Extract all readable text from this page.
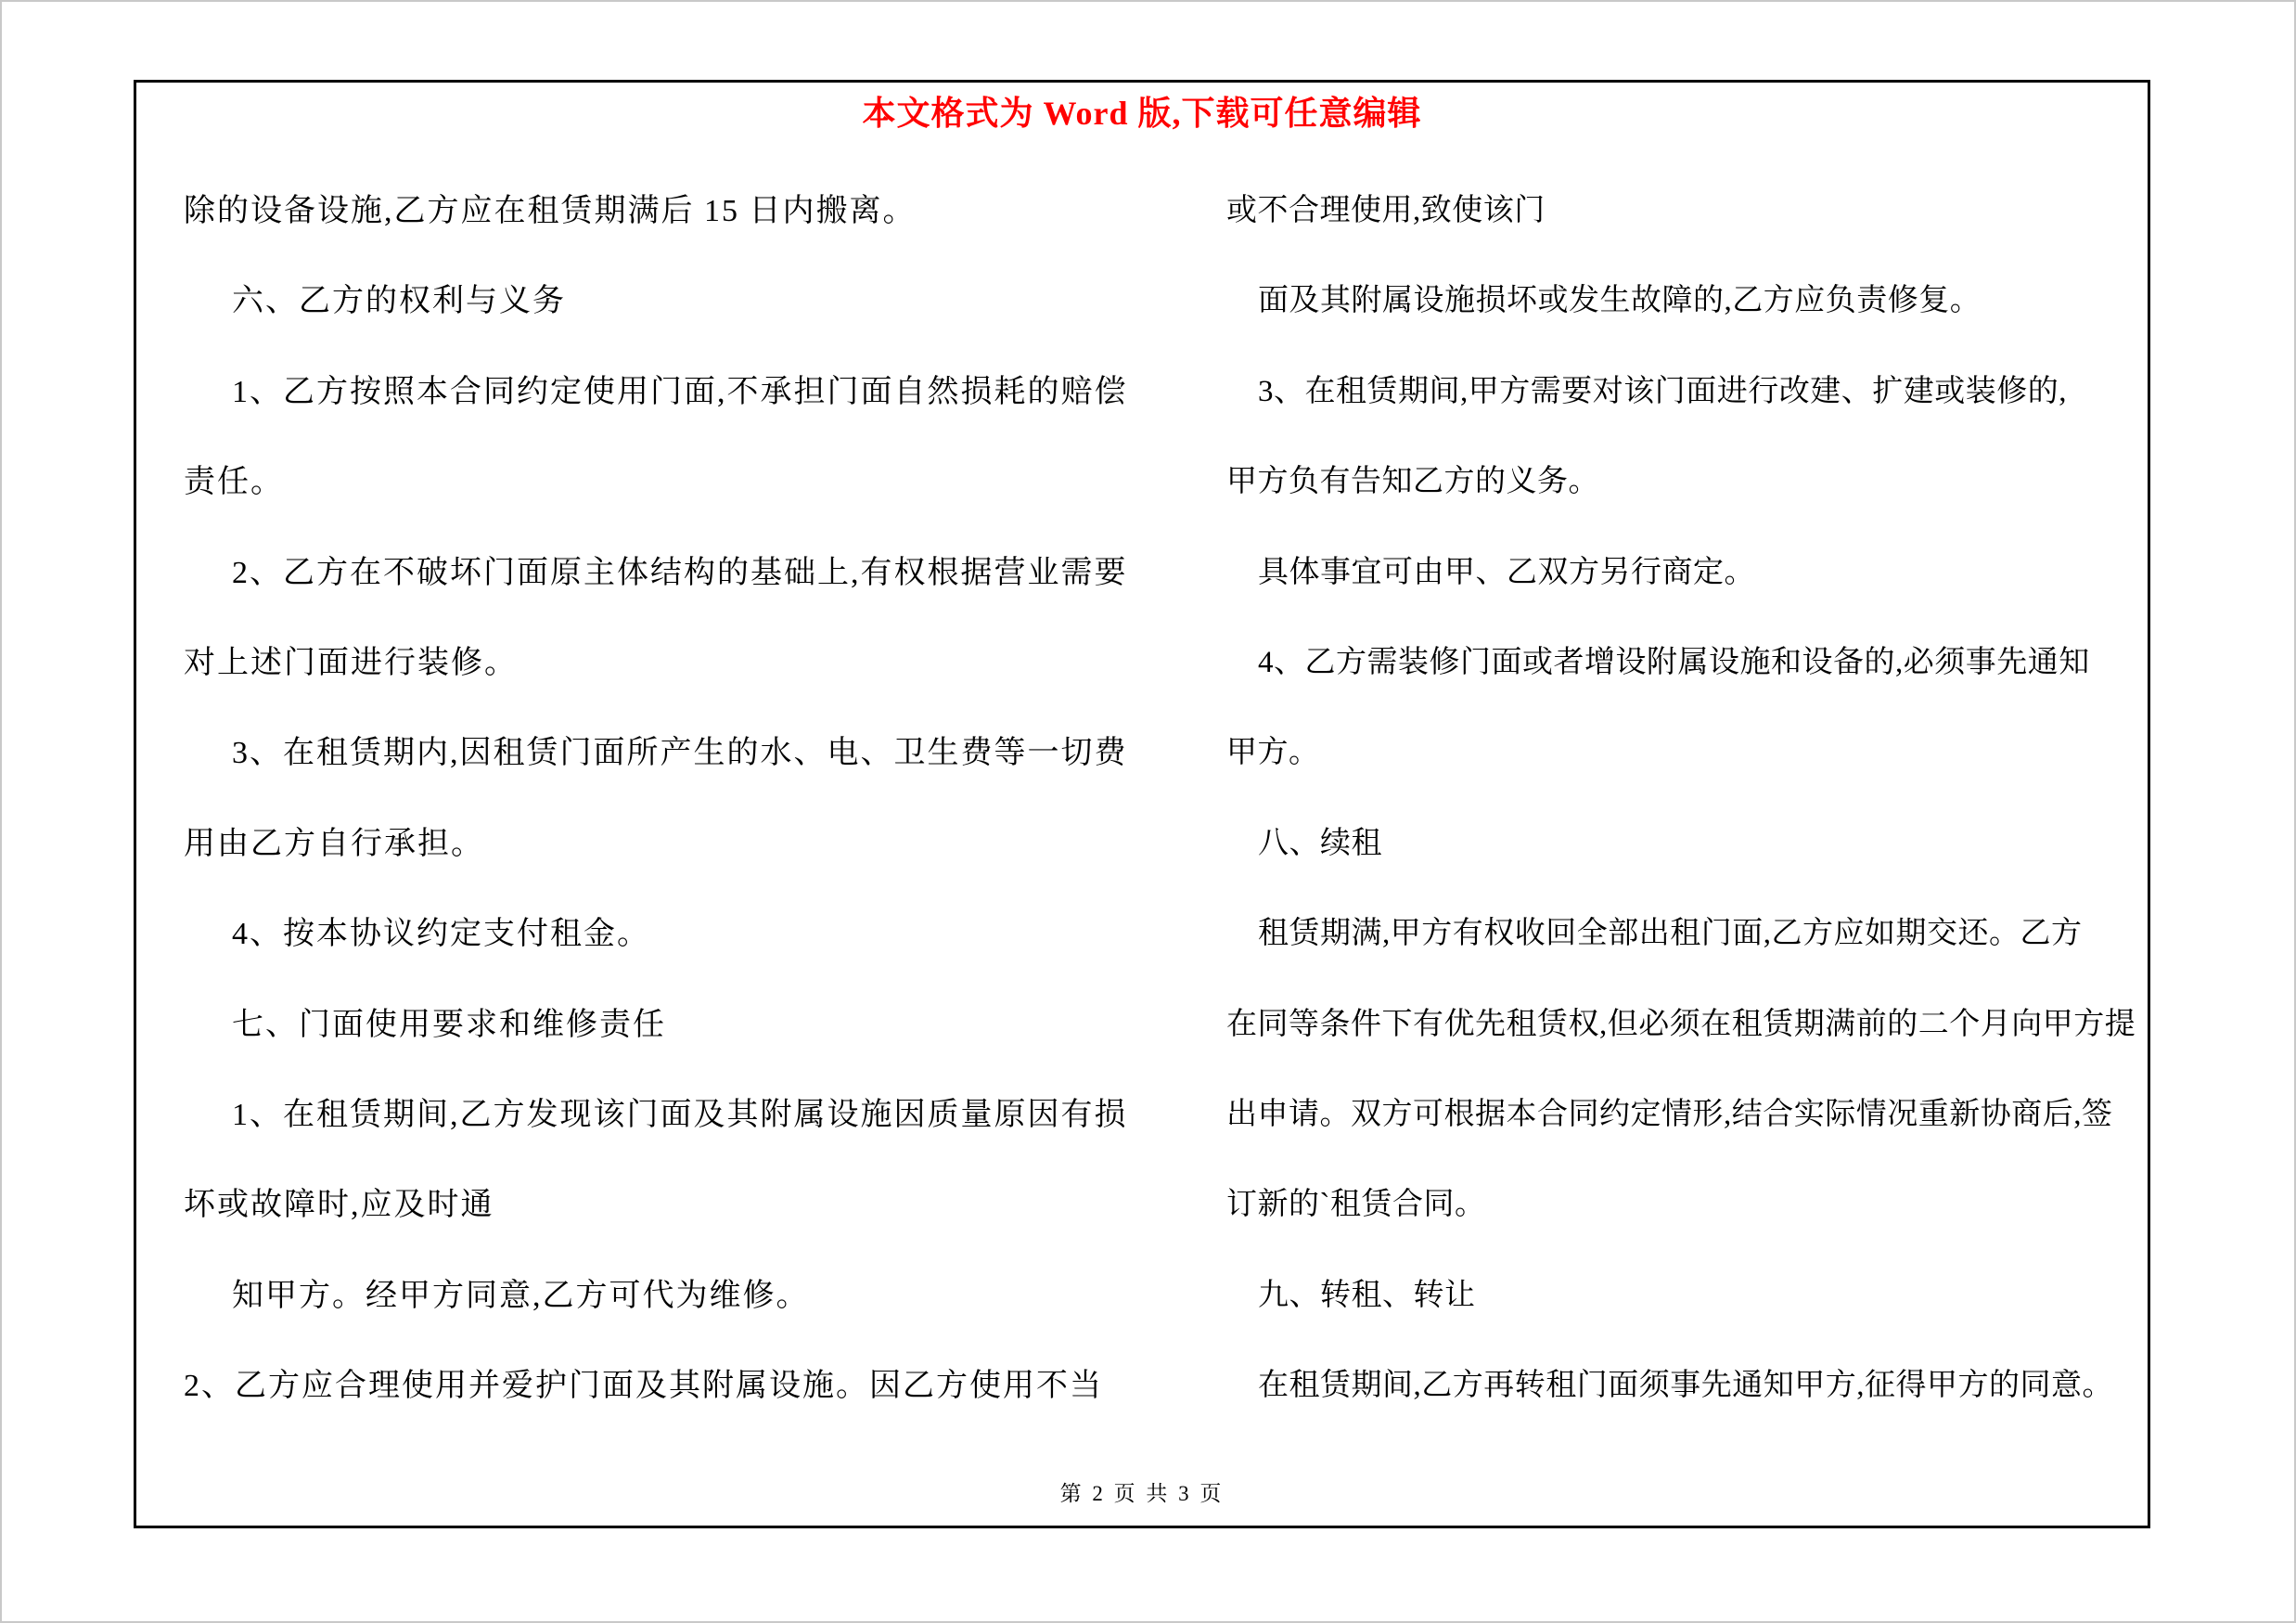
本文格式为 Word 版,下载可任意编辑
除的设备设施,乙方应在租赁期满后 15 日内搬离。
六、乙方的权利与义务
1、乙方按照本合同约定使用门面,不承担门面自然损耗的赔偿
责任。
2、乙方在不破坏门面原主体结构的基础上,有权根据营业需要
对上述门面进行装修。
3、在租赁期内,因租赁门面所产生的水、电、卫生费等一切费
用由乙方自行承担。
4、按本协议约定支付租金。
七、门面使用要求和维修责任
1、在租赁期间,乙方发现该门面及其附属设施因质量原因有损
坏或故障时,应及时通
知甲方。经甲方同意,乙方可代为维修。
2、乙方应合理使用并爱护门面及其附属设施。因乙方使用不当
或不合理使用,致使该门
面及其附属设施损坏或发生故障的,乙方应负责修复。
3、在租赁期间,甲方需要对该门面进行改建、扩建或装修的,
甲方负有告知乙方的义务。
具体事宜可由甲、乙双方另行商定。
4、乙方需装修门面或者增设附属设施和设备的,必须事先通知
甲方。
八、续租
租赁期满,甲方有权收回全部出租门面,乙方应如期交还。乙方
在同等条件下有优先租赁权,但必须在租赁期满前的二个月向甲方提
出申请。双方可根据本合同约定情形,结合实际情况重新协商后,签
订新的`租赁合同。
九、转租、转让
在租赁期间,乙方再转租门面须事先通知甲方,征得甲方的同意。
第 2 页 共 3 页
